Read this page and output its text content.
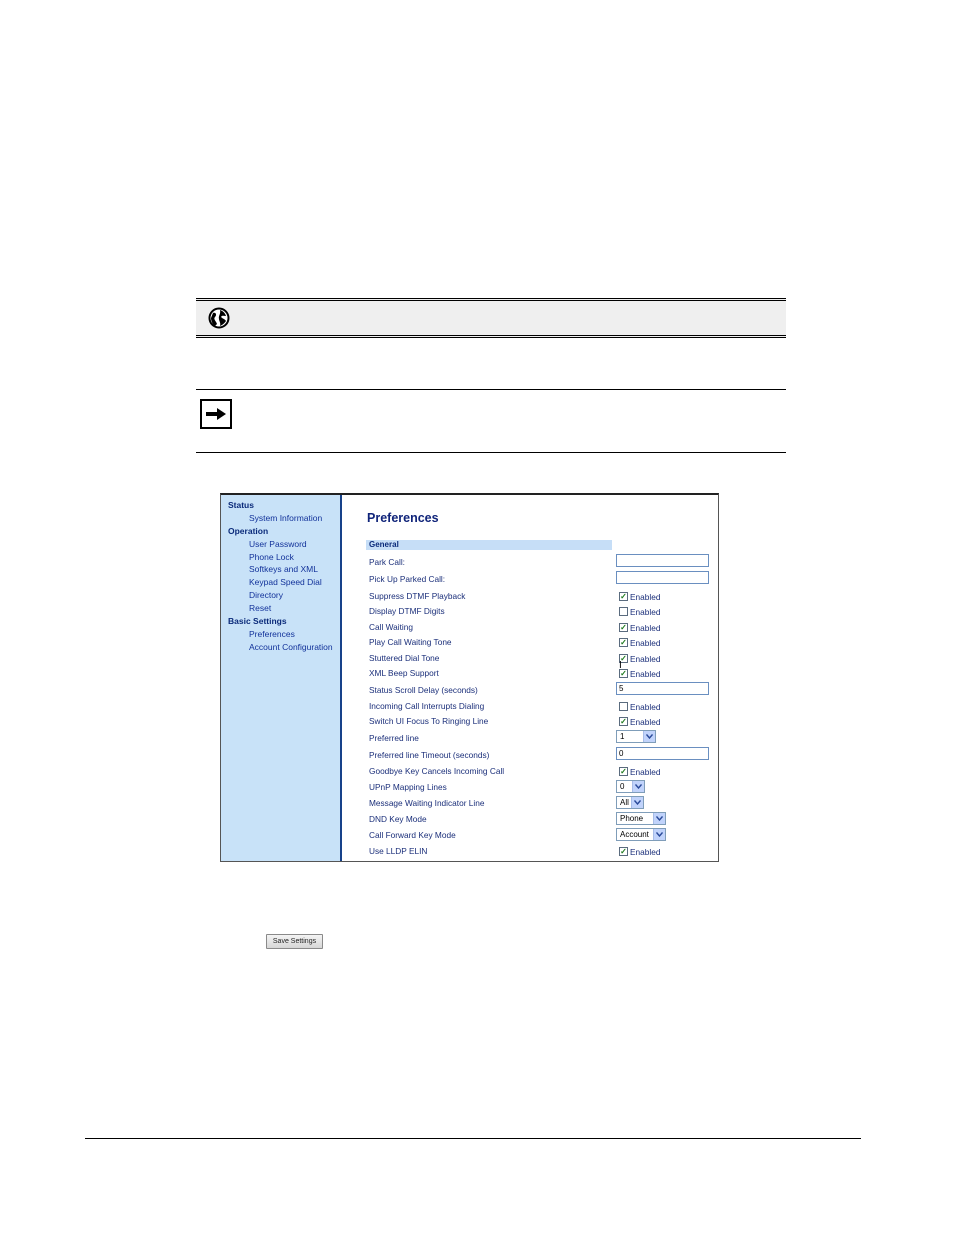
Status
System Information
Operation
User Password
Phone Lock
Softkeys and XML
Keypad Speed Dial
Directory
Reset
Basic Settings
Preferences
Account Configuration
Preferences
General
Park Call:
Pick Up Parked Call:
Suppress DTMF Playback	✓ Enabled
Display DTMF Digits	Enabled
Call Waiting	✓ Enabled
Play Call Waiting Tone	✓ Enabled
Stuttered Dial Tone	✓ Enabled
XML Beep Support	✓ Enabled
Status Scroll Delay (seconds)	5
Incoming Call Interrupts Dialing	Enabled
Switch UI Focus To Ringing Line	✓ Enabled
Preferred line	1
Preferred line Timeout (seconds)	0
Goodbye Key Cancels Incoming Call	✓ Enabled
UPnP Mapping Lines	0
Message Waiting Indicator Line	All
DND Key Mode	Phone
Call Forward Key Mode	Account
Use LLDP ELIN	✓ Enabled
I
Save Settings
